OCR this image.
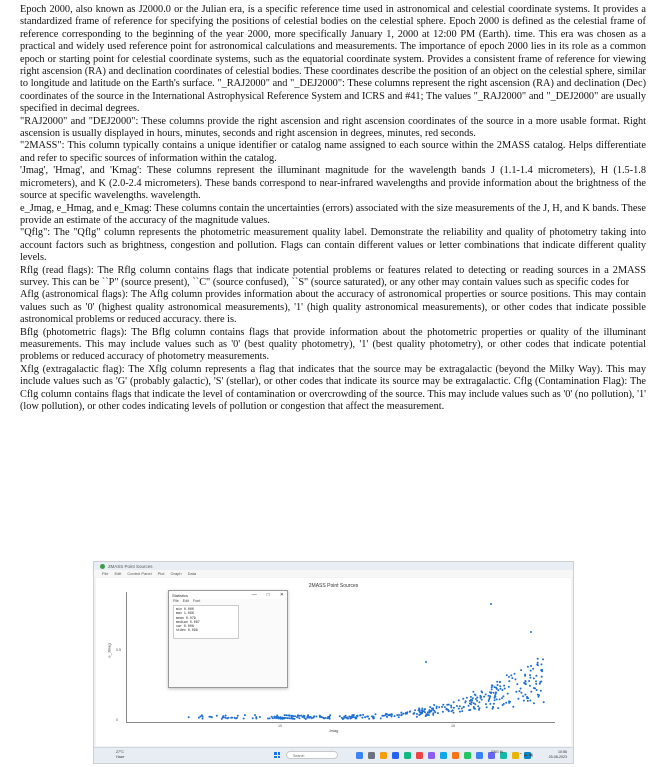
Epoch 2000, also known as J2000.0 or the Julian era, is a specific reference time used in astronomical and celestial coordinate systems. It provides a standardized frame of reference for specifying the positions of celestial bodies on the celestial sphere. Epoch 2000 is defined as the celestial frame of reference corresponding to the beginning of the year 2000, more specifically January 1, 2000 at 12:00 PM (Earth). time. This era was chosen as a practical and widely used reference point for astronomical calculations and measurements. The importance of epoch 2000 lies in its role as a common epoch or starting point for celestial coordinate systems, such as the equatorial coordinate system. Provides a consistent frame of reference for viewing right ascension (RA) and declination coordinates of celestial bodies. These coordinates describe the position of an object on the celestial sphere, similar to longitude and latitude on the Earth's surface. "_RAJ2000" and "_DEJ2000": These columns represent the right ascension (RA) and declination (Dec) coordinates of the source in the International Astrophysical Reference System and ICRS and #41; The values "_RAJ2000" and "_DEJ2000" are usually specified in decimal degrees.

"RAJ2000" and "DEJ2000": These columns provide the right ascension and right ascension coordinates of the source in a more usable format. Right ascension is usually displayed in hours, minutes, seconds and right ascension in degrees, minutes, red seconds.

"2MASS": This column typically contains a unique identifier or catalog name assigned to each source within the 2MASS catalog. Helps differentiate and refer to specific sources of information within the catalog.

'Jmag', 'Hmag', and 'Kmag': These columns represent the illuminant magnitude for the wavelength bands J (1.1-1.4 micrometers), H (1.5-1.8 micrometers), and K (2.0-2.4 micrometers). These bands correspond to near-infrared wavelengths and provide information about the brightness of the source at specific wavelengths. wavelength.

e_Jmag, e_Hmag, and e_Kmag: These columns contain the uncertainties (errors) associated with the size measurements of the J, H, and K bands. These provide an estimate of the accuracy of the magnitude values.

"Qflg": The "Qflg" column represents the photometric measurement quality label. Demonstrate the reliability and quality of photometry taking into account factors such as brightness, congestion and pollution. Flags can contain different values or letter combinations that indicate different quality levels.

Rflg (read flags): The Rflg column contains flags that indicate potential problems or features related to detecting or reading sources in a 2MASS survey. This can be ``P" (source present), ``C" (source confused), ``S" (source saturated), or any other may contain values such as specific codes for

Aflg (astronomical flags): The Aflg column provides information about the accuracy of astronomical properties or source positions. This may contain values such as '0' (highest quality astronomical measurements), '1' (high quality astronomical measurements), or other codes that indicate possible astronomical problems or reduced accuracy. there is.

Bflg (photometric flags): The Bflg column contains flags that provide information about the photometric properties or quality of the illuminant measurements. This may include values such as '0' (best quality photometry), '1' (best quality photometry), or other codes that indicate potential problems or reduced accuracy of photometry measurements.

Xflg (extragalactic flag): The Xflg column represents a flag that indicates that the source may be extragalactic (beyond the Milky Way). This may include values such as 'G' (probably galactic), 'S' (stellar), or other codes that indicate its source may be extragalactic. Cflg (Contamination Flag): The Cflg column contains flags that indicate the level of contamination or overcrowding of the source. This may include values such as '0' (no pollution), '1' (low pollution), or other codes indicating levels of pollution or congestion that affect the measurement.

2MASS Point Sources
File Edit Control Panel Plot Graph Data
2MASS Point Sources
e_Jmag 0.5
0
10	15
Jmag
Statistics	— □ ✕
File Edit Font
min 0.000
max 1.096
mean 0.079
median 0.067
var 0.006
stdev 0.098
27°C
Haze	Search
ENG IN	⌃ ☁ ◀)	10:56
25-08-2023
